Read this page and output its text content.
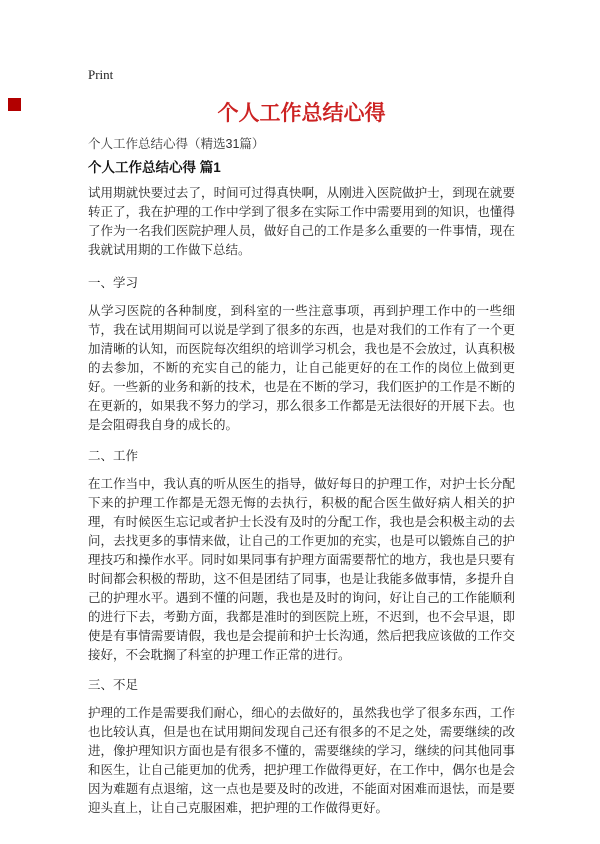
Print
个人工作总结心得
个人工作总结心得（精选31篇）
个人工作总结心得 篇1

试用期就快要过去了，时间可过得真快啊，从刚进入医院做护士，到现在就要转正了，我在护理的工作中学到了很多在实际工作中需要用到的知识，也懂得了作为一名我们医院护理人员，做好自己的工作是多么重要的一件事情，现在我就试用期的工作做下总结。

一、学习

从学习医院的各种制度，到科室的一些注意事项，再到护理工作中的一些细节，我在试用期间可以说是学到了很多的东西，也是对我们的工作有了一个更加清晰的认知，而医院每次组织的培训学习机会，我也是不会放过，认真积极的去参加，不断的充实自己的能力，让自己能更好的在工作的岗位上做到更好。一些新的业务和新的技术，也是在不断的学习，我们医护的工作是不断的在更新的，如果我不努力的学习，那么很多工作都是无法很好的开展下去。也是会阻碍我自身的成长的。

二、工作

在工作当中，我认真的听从医生的指导，做好每日的护理工作，对护士长分配下来的护理工作都是无怨无悔的去执行，积极的配合医生做好病人相关的护理，有时候医生忘记或者护士长没有及时的分配工作，我也是会积极主动的去问，去找更多的事情来做，让自己的工作更加的充实，也是可以锻炼自己的护理技巧和操作水平。同时如果同事有护理方面需要帮忙的地方，我也是只要有时间都会积极的帮助，这不但是团结了同事，也是让我能多做事情，多提升自己的护理水平。遇到不懂的问题，我也是及时的询问，好让自己的工作能顺利的进行下去，考勤方面，我都是准时的到医院上班，不迟到，也不会早退，即使是有事情需要请假，我也是会提前和护士长沟通，然后把我应该做的工作交接好，不会耽搁了科室的护理工作正常的进行。

三、不足

护理的工作是需要我们耐心，细心的去做好的，虽然我也学了很多东西，工作也比较认真，但是也在试用期间发现自己还有很多的不足之处，需要继续的改进，像护理知识方面也是有很多不懂的，需要继续的学习，继续的问其他同事和医生，让自己能更加的优秀，把护理工作做得更好，在工作中，偶尔也是会因为难题有点退缩，这一点也是要及时的改进，不能面对困难而退怯，而是要迎头直上，让自己克服困难，把护理的工作做得更好。
